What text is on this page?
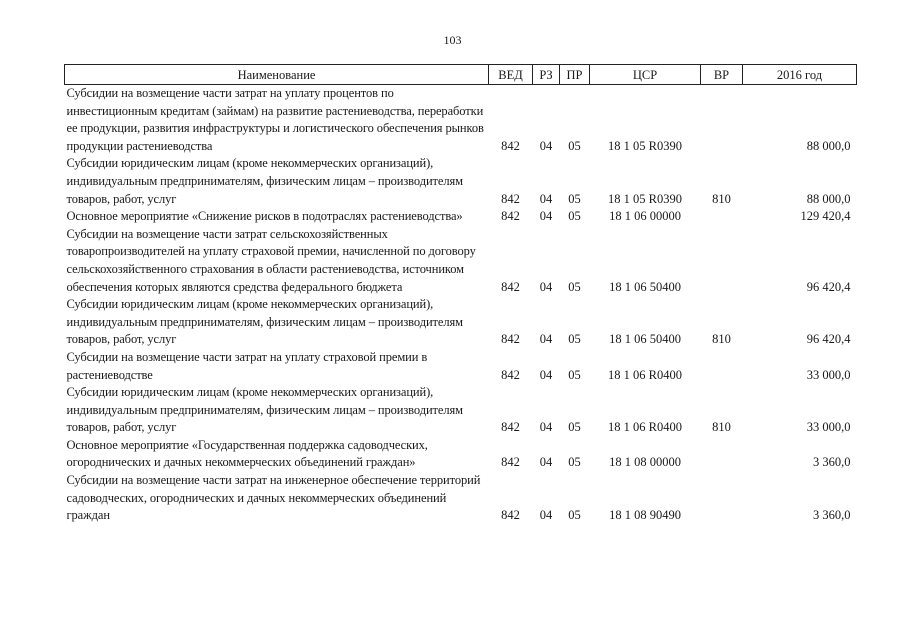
103
Наименование	ВЕД	РЗ	ПР	ЦСР	ВР	2016 год
Субсидии на возмещение части затрат на уплату процентов по инвестиционным кредитам (займам) на развитие растениеводства, переработки ее продукции, развития инфраструктуры и логистического обеспечения рынков продукции растениеводства	842	04	05	18 1 05 R0390		88 000,0
Субсидии юридическим лицам (кроме некоммерческих организаций), индивидуальным предпринимателям, физическим лицам – производителям товаров, работ, услуг	842	04	05	18 1 05 R0390	810	88 000,0
Основное мероприятие «Снижение рисков в подотраслях растениеводства»	842	04	05	18 1 06 00000		129 420,4
Субсидии на возмещение части затрат сельскохозяйственных товаропроизводителей на уплату страховой премии, начисленной по договору сельскохозяйственного страхования в области растениеводства, источником обеспечения которых являются средства федерального бюджета	842	04	05	18 1 06 50400		96 420,4
Субсидии юридическим лицам (кроме некоммерческих организаций), индивидуальным предпринимателям, физическим лицам – производителям товаров, работ, услуг	842	04	05	18 1 06 50400	810	96 420,4
Субсидии на возмещение части затрат на уплату страховой премии в растениеводстве	842	04	05	18 1 06 R0400		33 000,0
Субсидии юридическим лицам (кроме некоммерческих организаций), индивидуальным предпринимателям, физическим лицам – производителям товаров, работ, услуг	842	04	05	18 1 06 R0400	810	33 000,0
Основное мероприятие «Государственная поддержка садоводческих, огороднических и дачных некоммерческих объединений граждан»	842	04	05	18 1 08 00000		3 360,0
Субсидии на возмещение части затрат на инженерное обеспечение территорий садоводческих, огороднических и дачных некоммерческих объединений граждан	842	04	05	18 1 08 90490		3 360,0
